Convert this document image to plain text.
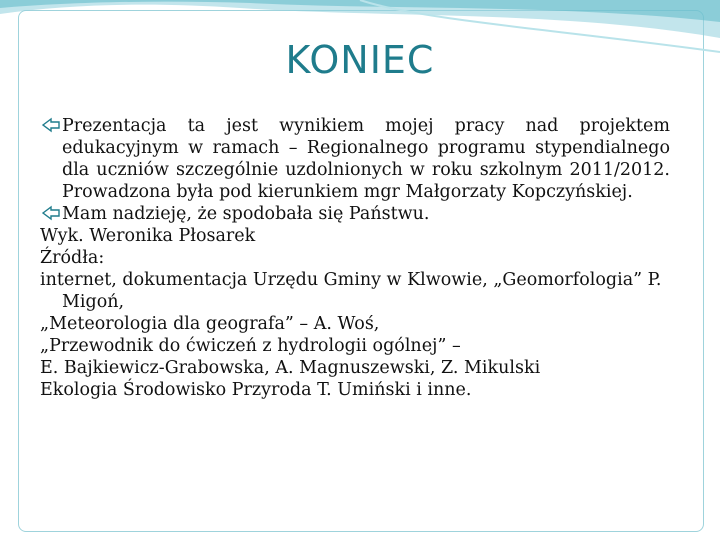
KONIEC

Prezentacja ta jest wynikiem mojej pracy nad projektem edukacyjnym w ramach – Regionalnego programu stypendialnego dla uczniów szczególnie uzdolnionych w roku szkolnym 2011/2012. Prowadzona była pod kierunkiem mgr Małgorzaty Kopczyńskiej.

Mam nadzieję, że spodobała się Państwu.

Wyk. Weronika Płosarek

Źródła:

internet, dokumentacja Urzędu Gminy w Klwowie, „Geomorfologia” P. Migoń,

„Meteorologia dla geografa” – A. Woś,

„Przewodnik do ćwiczeń z hydrologii ogólnej” –

E. Bajkiewicz-Grabowska, A. Magnuszewski, Z. Mikulski

Ekologia Środowisko Przyroda T. Umiński i inne.
